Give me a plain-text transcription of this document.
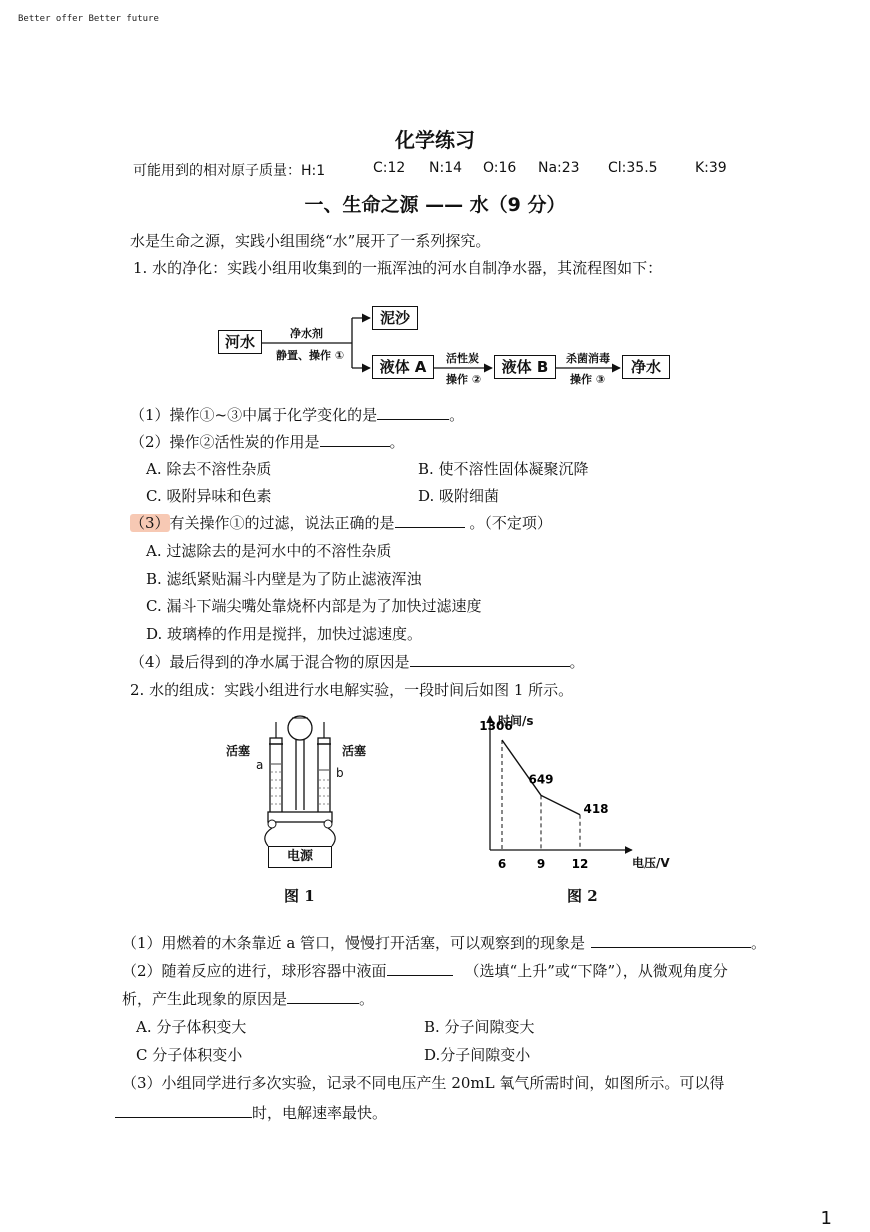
Better offer Better future
化学练习
可能用到的相对原子质量：H:1	C:12 N:14 O:16 Na:23 Cl:35.5	K:39
一、生命之源 —— 水（9 分）
水是生命之源，实践小组围绕“水”展开了一系列探究。
1. 水的净化：实践小组用收集到的一瓶浑浊的河水自制净水器，其流程图如下：
河水	净水剂
静置、操作 ①
泥沙
液体 A	活性炭
操作 ②
液体 B	杀菌消毒
操作 ③
净水
（1）操作①~③中属于化学变化的是	。
（2）操作②活性炭的作用是	。
A. 除去不溶性杂质	B. 使不溶性固体凝聚沉降
C. 吸附异味和色素	D. 吸附细菌
（3）有关操作①的过滤，说法正确的是	。（不定项）
A. 过滤除去的是河水中的不溶性杂质
B. 滤纸紧贴漏斗内壁是为了防止滤液浑浊
C. 漏斗下端尖嘴处靠烧杯内部是为了加快过滤速度
D. 玻璃棒的作用是搅拌，加快过滤速度。
（4）最后得到的净水属于混合物的原因是	。
2. 水的组成：实践小组进行水电解实验，一段时间后如图 1 所示。
活塞	活塞
a
b
电源
图 1
6
1306
9
649
12
418
时间/s
电压/V
图 2
（1）用燃着的木条靠近 a 管口，慢慢打开活塞，可以观察到的现象是	。
（2）随着反应的进行，球形容器中液面	（选填“上升”或“下降”），从微观角度分
析，产生此现象的原因是	。
A. 分子体积变大	B. 分子间隙变大
C 分子体积变小	D.分子间隙变小
（3）小组同学进行多次实验，记录不同电压产生 20mL 氧气所需时间，如图所示。可以得
时，电解速率最快。
1
